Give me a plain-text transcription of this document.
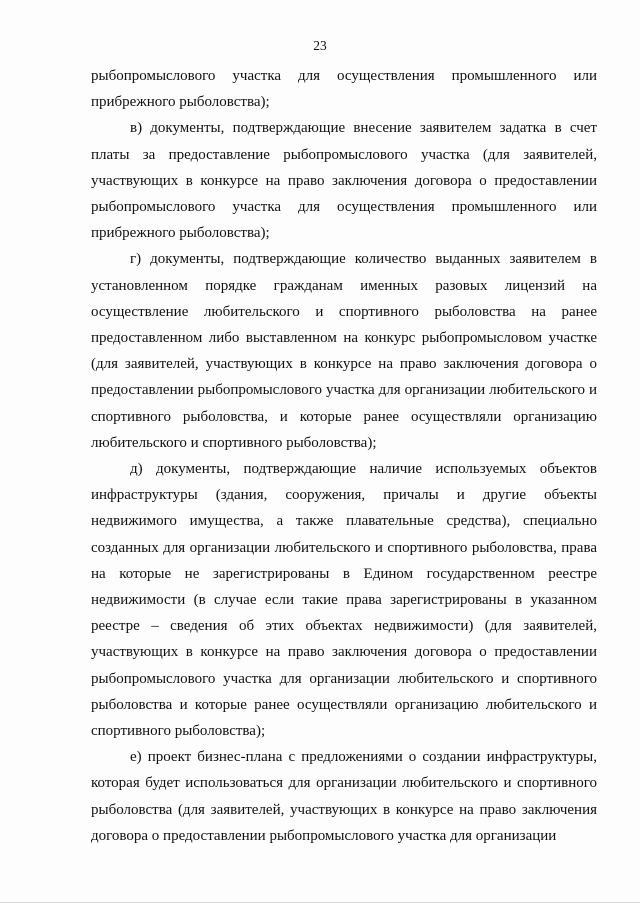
23

рыбопромыслового участка для осуществления промышленного или прибрежного рыболовства);

в) документы, подтверждающие внесение заявителем задатка в счет платы за предоставление рыбопромыслового участка (для заявителей, участвующих в конкурсе на право заключения договора о предоставлении рыбопромыслового участка для осуществления промышленного или прибрежного рыболовства);

г) документы, подтверждающие количество выданных заявителем в установленном порядке гражданам именных разовых лицензий на осуществление любительского и спортивного рыболовства на ранее предоставленном либо выставленном на конкурс рыбопромысловом участке (для заявителей, участвующих в конкурсе на право заключения договора о предоставлении рыбопромыслового участка для организации любительского и спортивного рыболовства, и которые ранее осуществляли организацию любительского и спортивного рыболовства);

д) документы, подтверждающие наличие используемых объектов инфраструктуры (здания, сооружения, причалы и другие объекты недвижимого имущества, а также плавательные средства), специально созданных для организации любительского и спортивного рыболовства, права на которые не зарегистрированы в Едином государственном реестре недвижимости (в случае если такие права зарегистрированы в указанном реестре – сведения об этих объектах недвижимости) (для заявителей, участвующих в конкурсе на право заключения договора о предоставлении рыбопромыслового участка для организации любительского и спортивного рыболовства и которые ранее осуществляли организацию любительского и спортивного рыболовства);

е) проект бизнес-плана с предложениями о создании инфраструктуры, которая будет использоваться для организации любительского и спортивного рыболовства (для заявителей, участвующих в конкурсе на право заключения договора о предоставлении рыбопромыслового участка для организации
